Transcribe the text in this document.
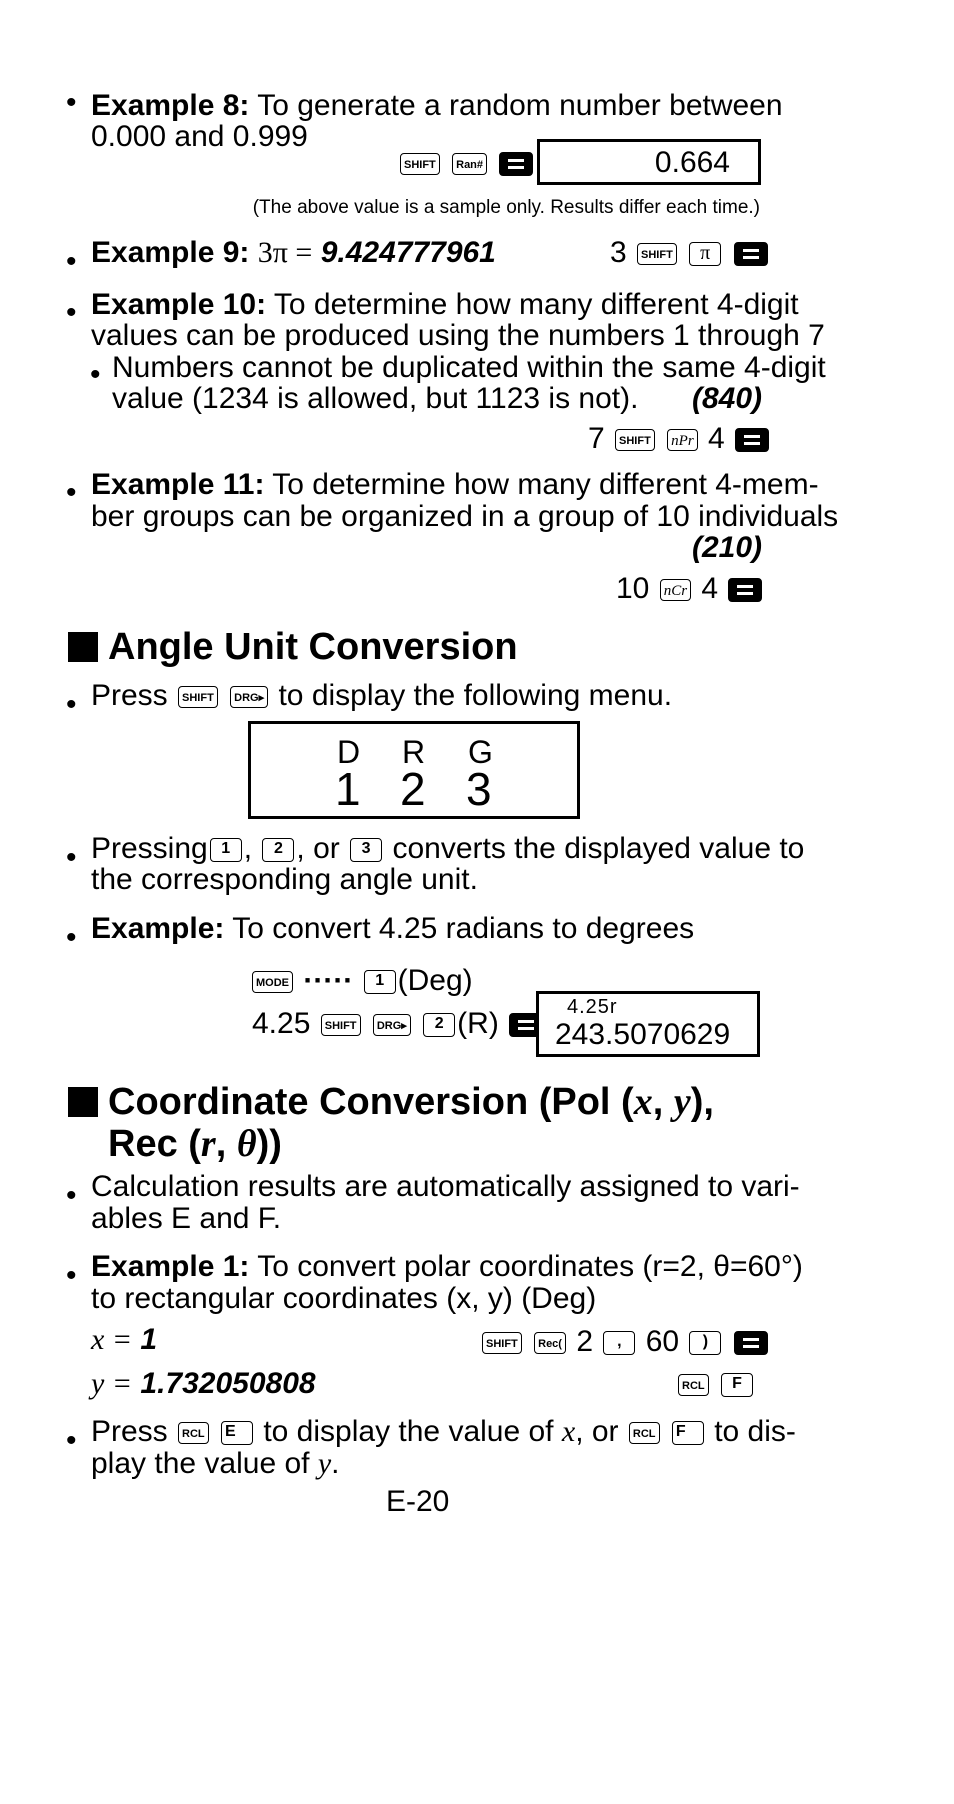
• Example 8: To generate a random number between
0.000 and 0.999
SHIFT Ran#	0.664
(The above value is a sample only. Results differ each time.)
• Example 9: 3π = 9.424777961	3 SHIFT π
• Example 10: To determine how many different 4-digit
values can be produced using the numbers 1 through 7
• Numbers cannot be duplicated within the same 4-digit
value (1234 is allowed, but 1123 is not). (840)
7 SHIFT nPr 4
• Example 11: To determine how many different 4-mem-
ber groups can be organized in a group of 10 individuals
(210)
10 nCr 4
Angle Unit Conversion
• Press SHIFT DRG▸ to display the following menu.
D R G
1 2 3
• Pressing 1 , 2 , or 3 converts the displayed value to
the corresponding angle unit.
• Example: To convert 4.25 radians to degrees
MODE ····· 1 (Deg)
4.25 SHIFT DRG▸ 2 (R)	4.25r
243.5070629
Coordinate Conversion (Pol (x, y),
Rec (r, θ))
• Calculation results are automatically assigned to vari-
ables E and F.
• Example 1: To convert polar coordinates (r=2, θ=60°)
to rectangular coordinates (x, y) (Deg)
x = 1	SHIFT Rec( 2 , 60 )
y = 1.732050808	RCL F
• Press RCL E to display the value of x, or RCL F to dis-
play the value of y.
E-20
